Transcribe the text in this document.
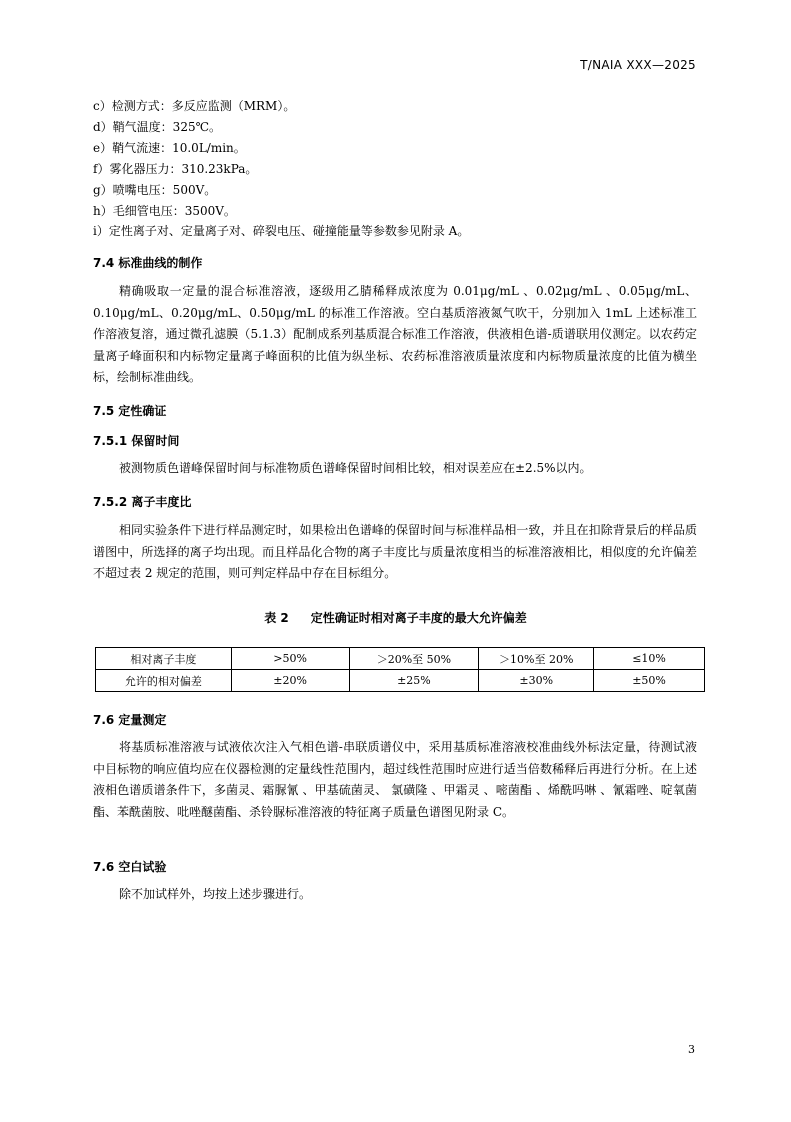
T/NAIA XXX—2025
c）检测方式：多反应监测（MRM）。
d）鞘气温度：325℃。
e）鞘气流速：10.0L/min。
f）雾化器压力：310.23kPa。
g）喷嘴电压：500V。
h）毛细管电压：3500V。
i）定性离子对、定量离子对、碎裂电压、碰撞能量等参数参见附录 A。
7.4 标准曲线的制作
精确吸取一定量的混合标准溶液，逐级用乙腈稀释成浓度为 0.01μg/mL 、0.02μg/mL 、0.05μg/mL、0.10μg/mL、0.20μg/mL、0.50μg/mL 的标准工作溶液。空白基质溶液氮气吹干，分别加入 1mL 上述标准工作溶液复溶，通过微孔滤膜（5.1.3）配制成系列基质混合标准工作溶液，供液相色谱-质谱联用仪测定。以农药定量离子峰面积和内标物定量离子峰面积的比值为纵坐标、农药标准溶液质量浓度和内标物质量浓度的比值为横坐标，绘制标准曲线。
7.5 定性确证
7.5.1 保留时间
被测物质色谱峰保留时间与标准物质色谱峰保留时间相比较，相对误差应在±2.5%以内。
7.5.2 离子丰度比
相同实验条件下进行样品测定时，如果检出色谱峰的保留时间与标准样品相一致，并且在扣除背景后的样品质谱图中，所选择的离子均出现。而且样品化合物的离子丰度比与质量浓度相当的标准溶液相比，相似度的允许偏差不超过表 2 规定的范围，则可判定样品中存在目标组分。
表 2 定性确证时相对离子丰度的最大允许偏差
相对离子丰度	>50%	＞20%至 50%	＞10%至 20%	≤10%
允许的相对偏差	±20%	±25%	±30%	±50%
7.6 定量测定
将基质标准溶液与试液依次注入气相色谱-串联质谱仪中，采用基质标准溶液校准曲线外标法定量，待测试液中目标物的响应值均应在仪器检测的定量线性范围内，超过线性范围时应进行适当倍数稀释后再进行分析。在上述液相色谱质谱条件下，多菌灵、霜脲氰 、甲基硫菌灵、 氯磺隆 、甲霜灵 、嘧菌酯 、烯酰吗啉 、氰霜唑、啶氧菌酯、苯酰菌胺、吡唑醚菌酯、杀铃脲标准溶液的特征离子质量色谱图见附录 C。
7.6 空白试验
除不加试样外，均按上述步骤进行。
3
